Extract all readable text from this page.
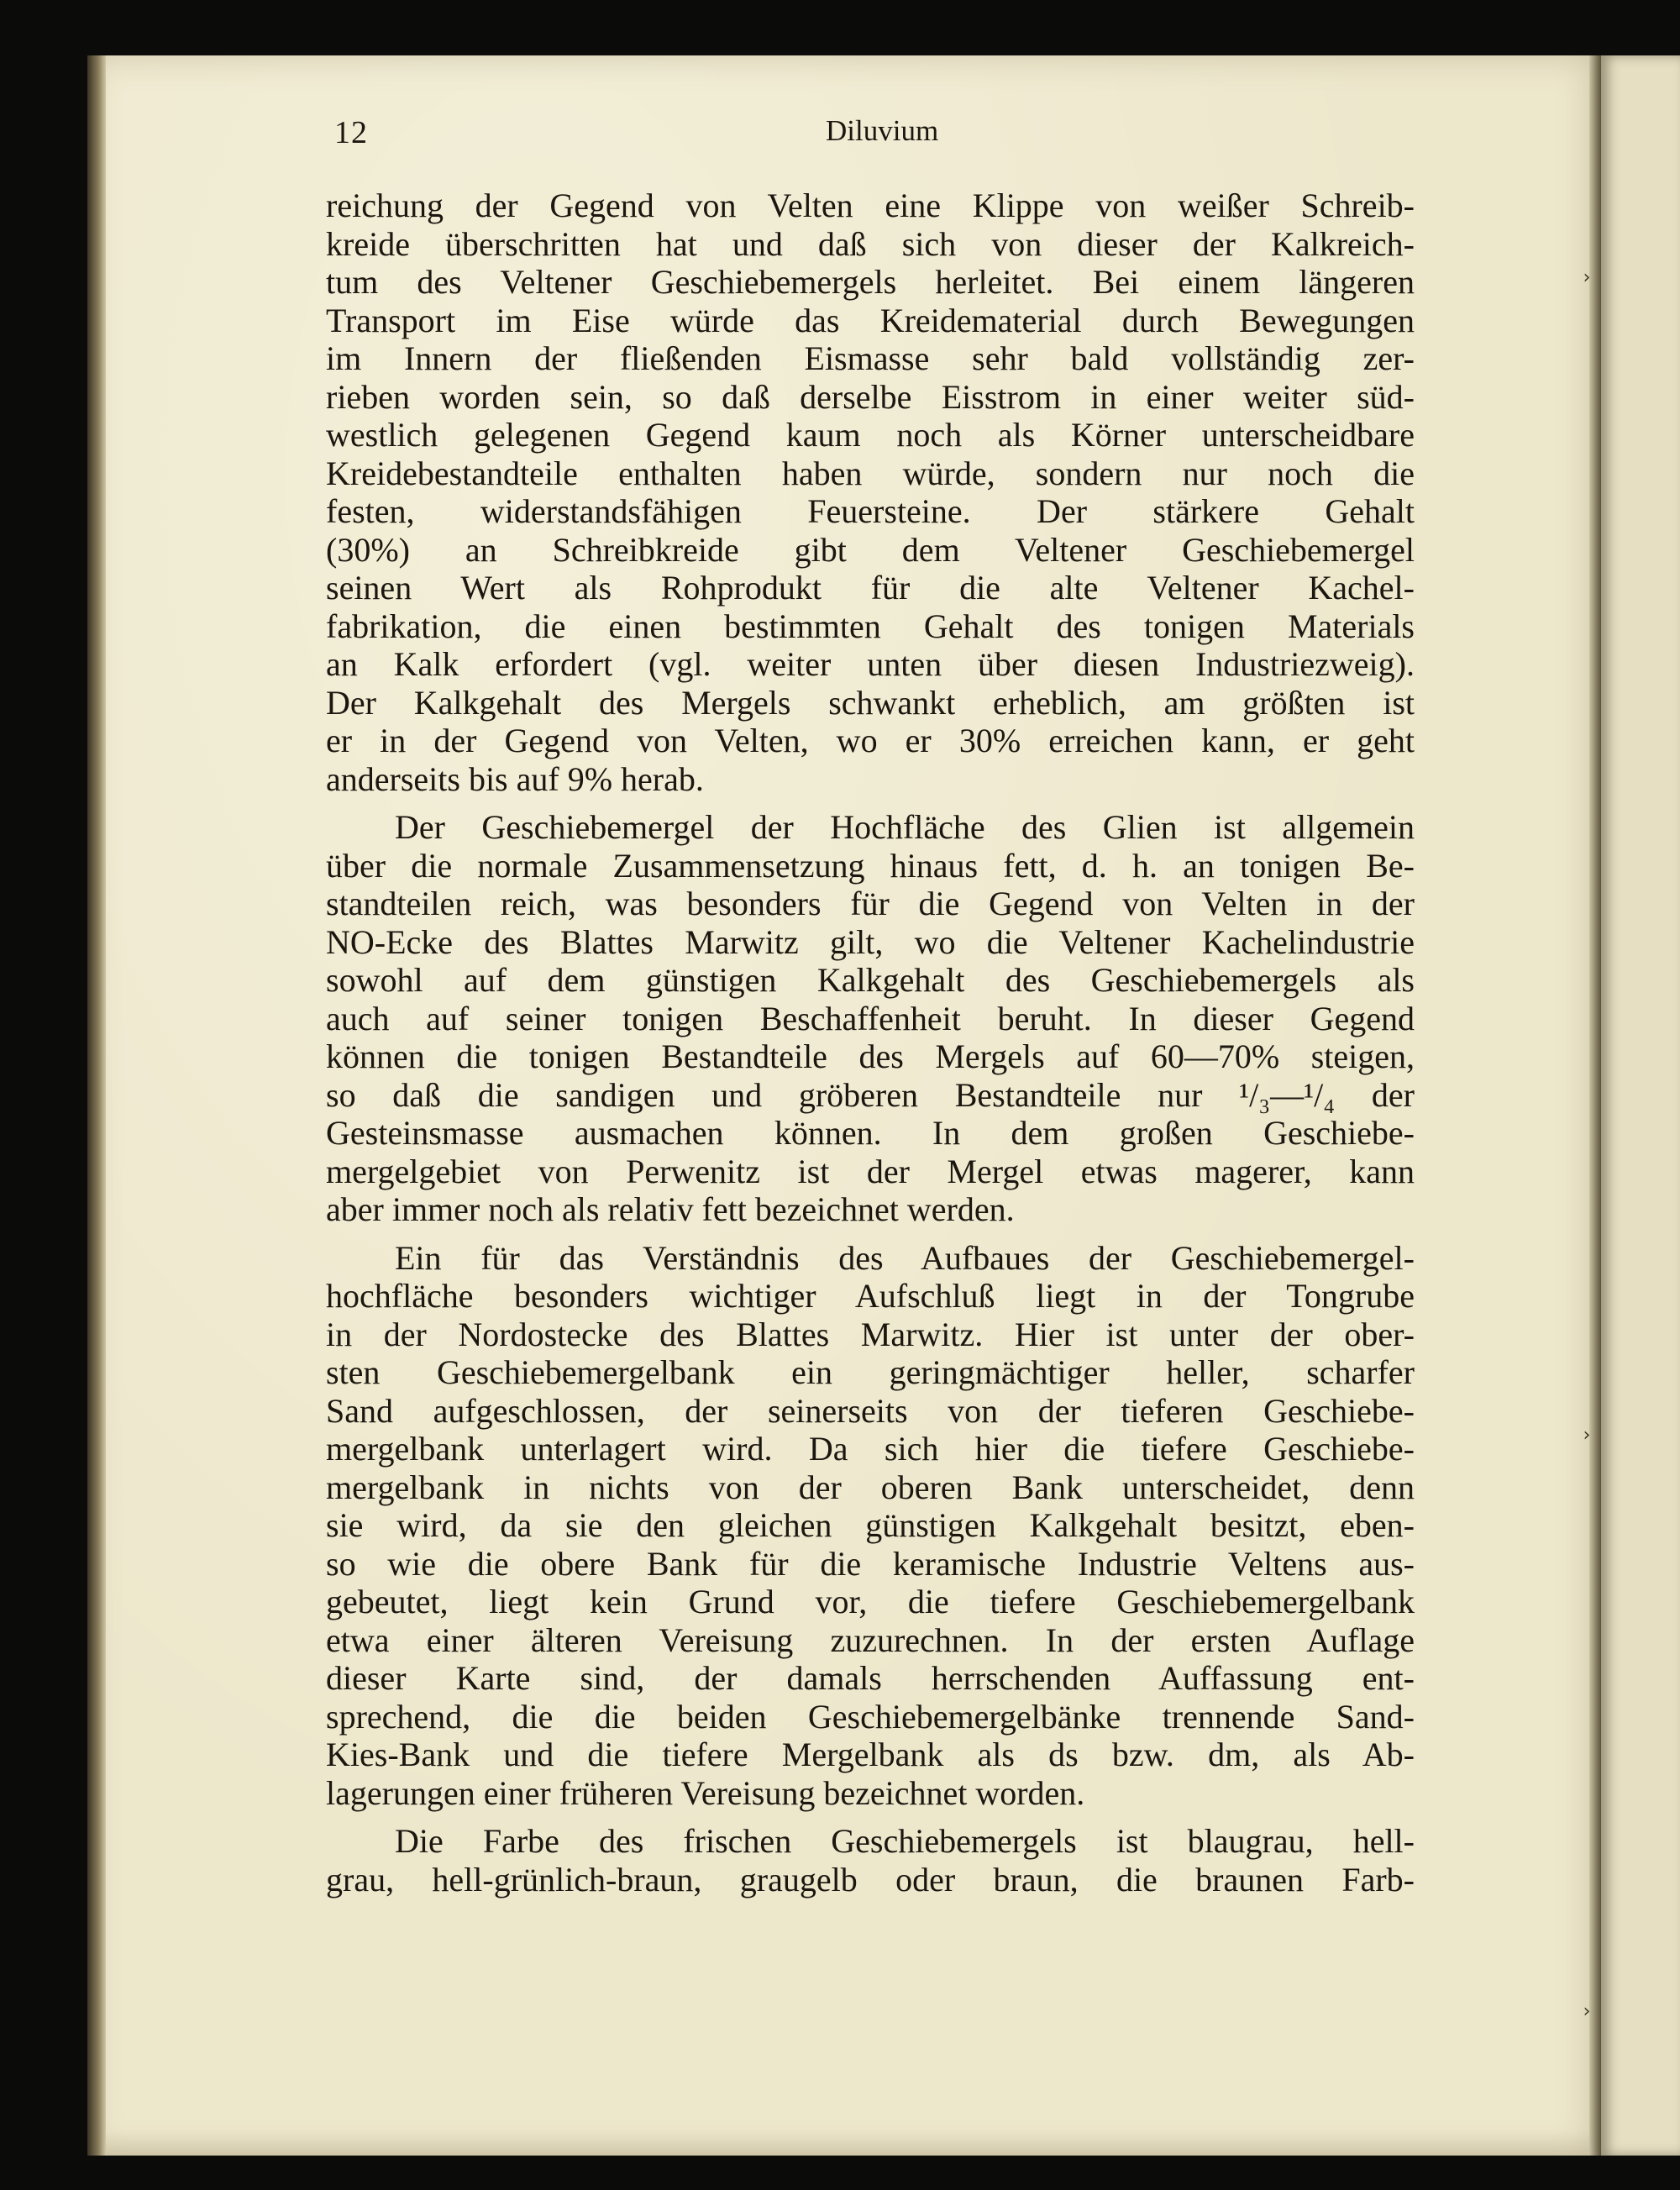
›
›
›
12	Diluvium

reichung der Gegend von Velten eine Klippe von weißer Schreib-
kreide überschritten hat und daß sich von dieser der Kalkreich-
tum des Veltener Geschiebemergels herleitet. Bei einem längeren
Transport im Eise würde das Kreidematerial durch Bewegungen
im Innern der fließenden Eismasse sehr bald vollständig zer-
rieben worden sein, so daß derselbe Eisstrom in einer weiter süd-
westlich gelegenen Gegend kaum noch als Körner unterscheidbare
Kreidebestandteile enthalten haben würde, sondern nur noch die
festen, widerstandsfähigen Feuersteine. Der stärkere Gehalt
(30%) an Schreibkreide gibt dem Veltener Geschiebemergel
seinen Wert als Rohprodukt für die alte Veltener Kachel-
fabrikation, die einen bestimmten Gehalt des tonigen Materials
an Kalk erfordert (vgl. weiter unten über diesen Industriezweig).
Der Kalkgehalt des Mergels schwankt erheblich, am größten ist
er in der Gegend von Velten, wo er 30% erreichen kann, er geht
anderseits bis auf 9% herab.

Der Geschiebemergel der Hochfläche des Glien ist allgemein
über die normale Zusammensetzung hinaus fett, d. h. an tonigen Be-
standteilen reich, was besonders für die Gegend von Velten in der
NO-Ecke des Blattes Marwitz gilt, wo die Veltener Kachelindustrie
sowohl auf dem günstigen Kalkgehalt des Geschiebemergels als
auch auf seiner tonigen Beschaffenheit beruht. In dieser Gegend
können die tonigen Bestandteile des Mergels auf 60—70% steigen,
so daß die sandigen und gröberen Bestandteile nur ¹/₃—¹/₄ der
Gesteinsmasse ausmachen können. In dem großen Geschiebe-
mergelgebiet von Perwenitz ist der Mergel etwas magerer, kann
aber immer noch als relativ fett bezeichnet werden.

Ein für das Verständnis des Aufbaues der Geschiebemergel-
hochfläche besonders wichtiger Aufschluß liegt in der Tongrube
in der Nordostecke des Blattes Marwitz. Hier ist unter der ober-
sten Geschiebemergelbank ein geringmächtiger heller, scharfer
Sand aufgeschlossen, der seinerseits von der tieferen Geschiebe-
mergelbank unterlagert wird. Da sich hier die tiefere Geschiebe-
mergelbank in nichts von der oberen Bank unterscheidet, denn
sie wird, da sie den gleichen günstigen Kalkgehalt besitzt, eben-
so wie die obere Bank für die keramische Industrie Veltens aus-
gebeutet, liegt kein Grund vor, die tiefere Geschiebemergelbank
etwa einer älteren Vereisung zuzurechnen. In der ersten Auflage
dieser Karte sind, der damals herrschenden Auffassung ent-
sprechend, die die beiden Geschiebemergelbänke trennende Sand-
Kies-Bank und die tiefere Mergelbank als ds bzw. dm, als Ab-
lagerungen einer früheren Vereisung bezeichnet worden.

Die Farbe des frischen Geschiebemergels ist blaugrau, hell-
grau, hell-grünlich-braun, graugelb oder braun, die braunen Farb-
